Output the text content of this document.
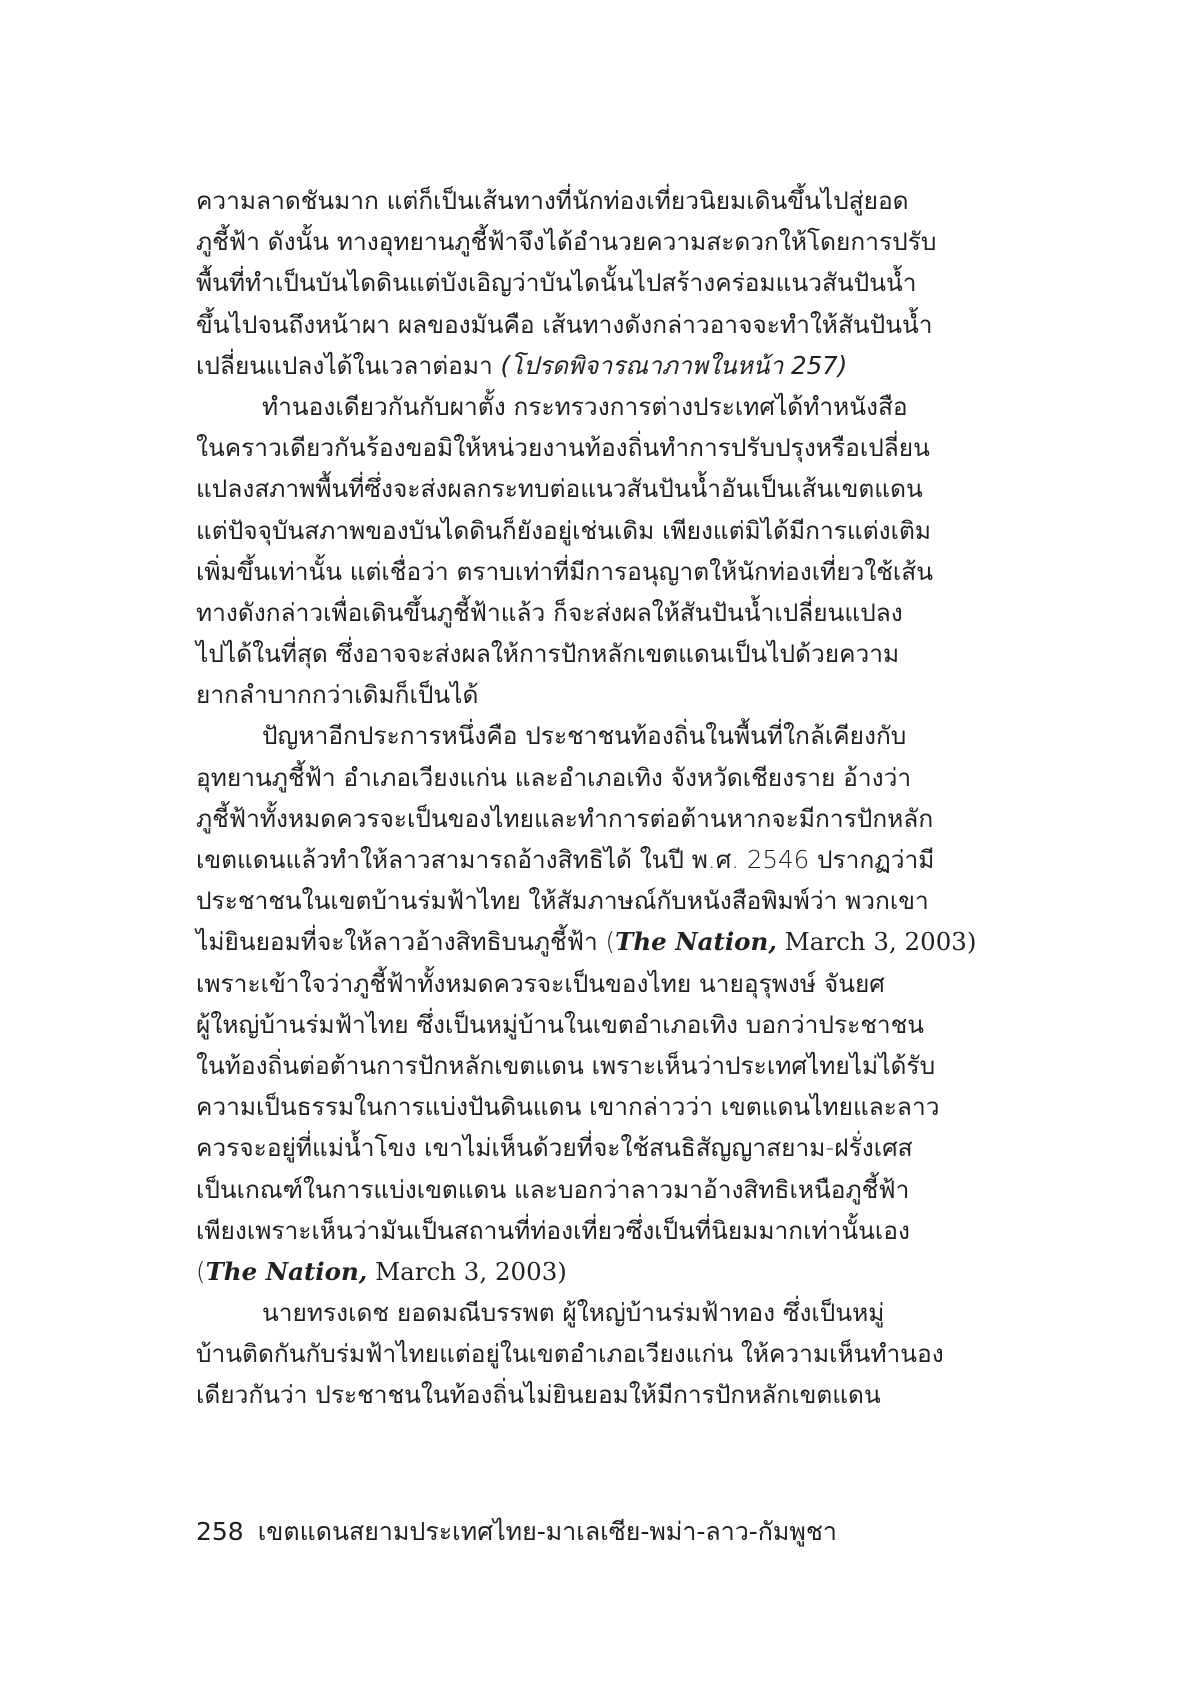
ความลาดชันมาก แต่ก็เป็นเส้นทางที่นักท่องเที่ยวนิยมเดินขึ้นไปสู่ยอด
ภูชี้ฟ้า ดังนั้น ทางอุทยานภูชี้ฟ้าจึงได้อำนวยความสะดวกให้โดยการปรับ
พื้นที่ทำเป็นบันไดดินแต่บังเอิญว่าบันไดนั้นไปสร้างคร่อมแนวสันปันน้ำ
ขึ้นไปจนถึงหน้าผา ผลของมันคือ เส้นทางดังกล่าวอาจจะทำให้สันปันน้ำ
เปลี่ยนแปลงได้ในเวลาต่อมา (โปรดพิจารณาภาพในหน้า 257)
ทำนองเดียวกันกับผาตั้ง กระทรวงการต่างประเทศได้ทำหนังสือ
ในคราวเดียวกันร้องขอมิให้หน่วยงานท้องถิ่นทำการปรับปรุงหรือเปลี่ยน
แปลงสภาพพื้นที่ซึ่งจะส่งผลกระทบต่อแนวสันปันน้ำอันเป็นเส้นเขตแดน
แต่ปัจจุบันสภาพของบันไดดินก็ยังอยู่เช่นเดิม เพียงแต่มิได้มีการแต่งเติม
เพิ่มขึ้นเท่านั้น แต่เชื่อว่า ตราบเท่าที่มีการอนุญาตให้นักท่องเที่ยวใช้เส้น
ทางดังกล่าวเพื่อเดินขึ้นภูชี้ฟ้าแล้ว ก็จะส่งผลให้สันปันน้ำเปลี่ยนแปลง
ไปได้ในที่สุด ซึ่งอาจจะส่งผลให้การปักหลักเขตแดนเป็นไปด้วยความ
ยากลำบากกว่าเดิมก็เป็นได้
ปัญหาอีกประการหนึ่งคือ ประชาชนท้องถิ่นในพื้นที่ใกล้เคียงกับ
อุทยานภูชี้ฟ้า อำเภอเวียงแก่น และอำเภอเทิง จังหวัดเชียงราย อ้างว่า
ภูชี้ฟ้าทั้งหมดควรจะเป็นของไทยและทำการต่อต้านหากจะมีการปักหลัก
เขตแดนแล้วทำให้ลาวสามารถอ้างสิทธิได้ ในปี พ.ศ. 2546 ปรากฏว่ามี
ประชาชนในเขตบ้านร่มฟ้าไทย ให้สัมภาษณ์กับหนังสือพิมพ์ว่า พวกเขา
ไม่ยินยอมที่จะให้ลาวอ้างสิทธิบนภูชี้ฟ้า (The Nation, March 3, 2003)
เพราะเข้าใจว่าภูชี้ฟ้าทั้งหมดควรจะเป็นของไทย นายอุรุพงษ์ จันยศ
ผู้ใหญ่บ้านร่มฟ้าไทย ซึ่งเป็นหมู่บ้านในเขตอำเภอเทิง บอกว่าประชาชน
ในท้องถิ่นต่อต้านการปักหลักเขตแดน เพราะเห็นว่าประเทศไทยไม่ได้รับ
ความเป็นธรรมในการแบ่งปันดินแดน เขากล่าวว่า เขตแดนไทยและลาว
ควรจะอยู่ที่แม่น้ำโขง เขาไม่เห็นด้วยที่จะใช้สนธิสัญญาสยาม-ฝรั่งเศส
เป็นเกณฑ์ในการแบ่งเขตแดน และบอกว่าลาวมาอ้างสิทธิเหนือภูชี้ฟ้า
เพียงเพราะเห็นว่ามันเป็นสถานที่ท่องเที่ยวซึ่งเป็นที่นิยมมากเท่านั้นเอง
(The Nation, March 3, 2003)
นายทรงเดช ยอดมณีบรรพต ผู้ใหญ่บ้านร่มฟ้าทอง ซึ่งเป็นหมู่
บ้านติดกันกับร่มฟ้าไทยแต่อยู่ในเขตอำเภอเวียงแก่น ให้ความเห็นทำนอง
เดียวกันว่า ประชาชนในท้องถิ่นไม่ยินยอมให้มีการปักหลักเขตแดน
258 เขตแดนสยามประเทศไทย-มาเลเซีย-พม่า-ลาว-กัมพูชา
